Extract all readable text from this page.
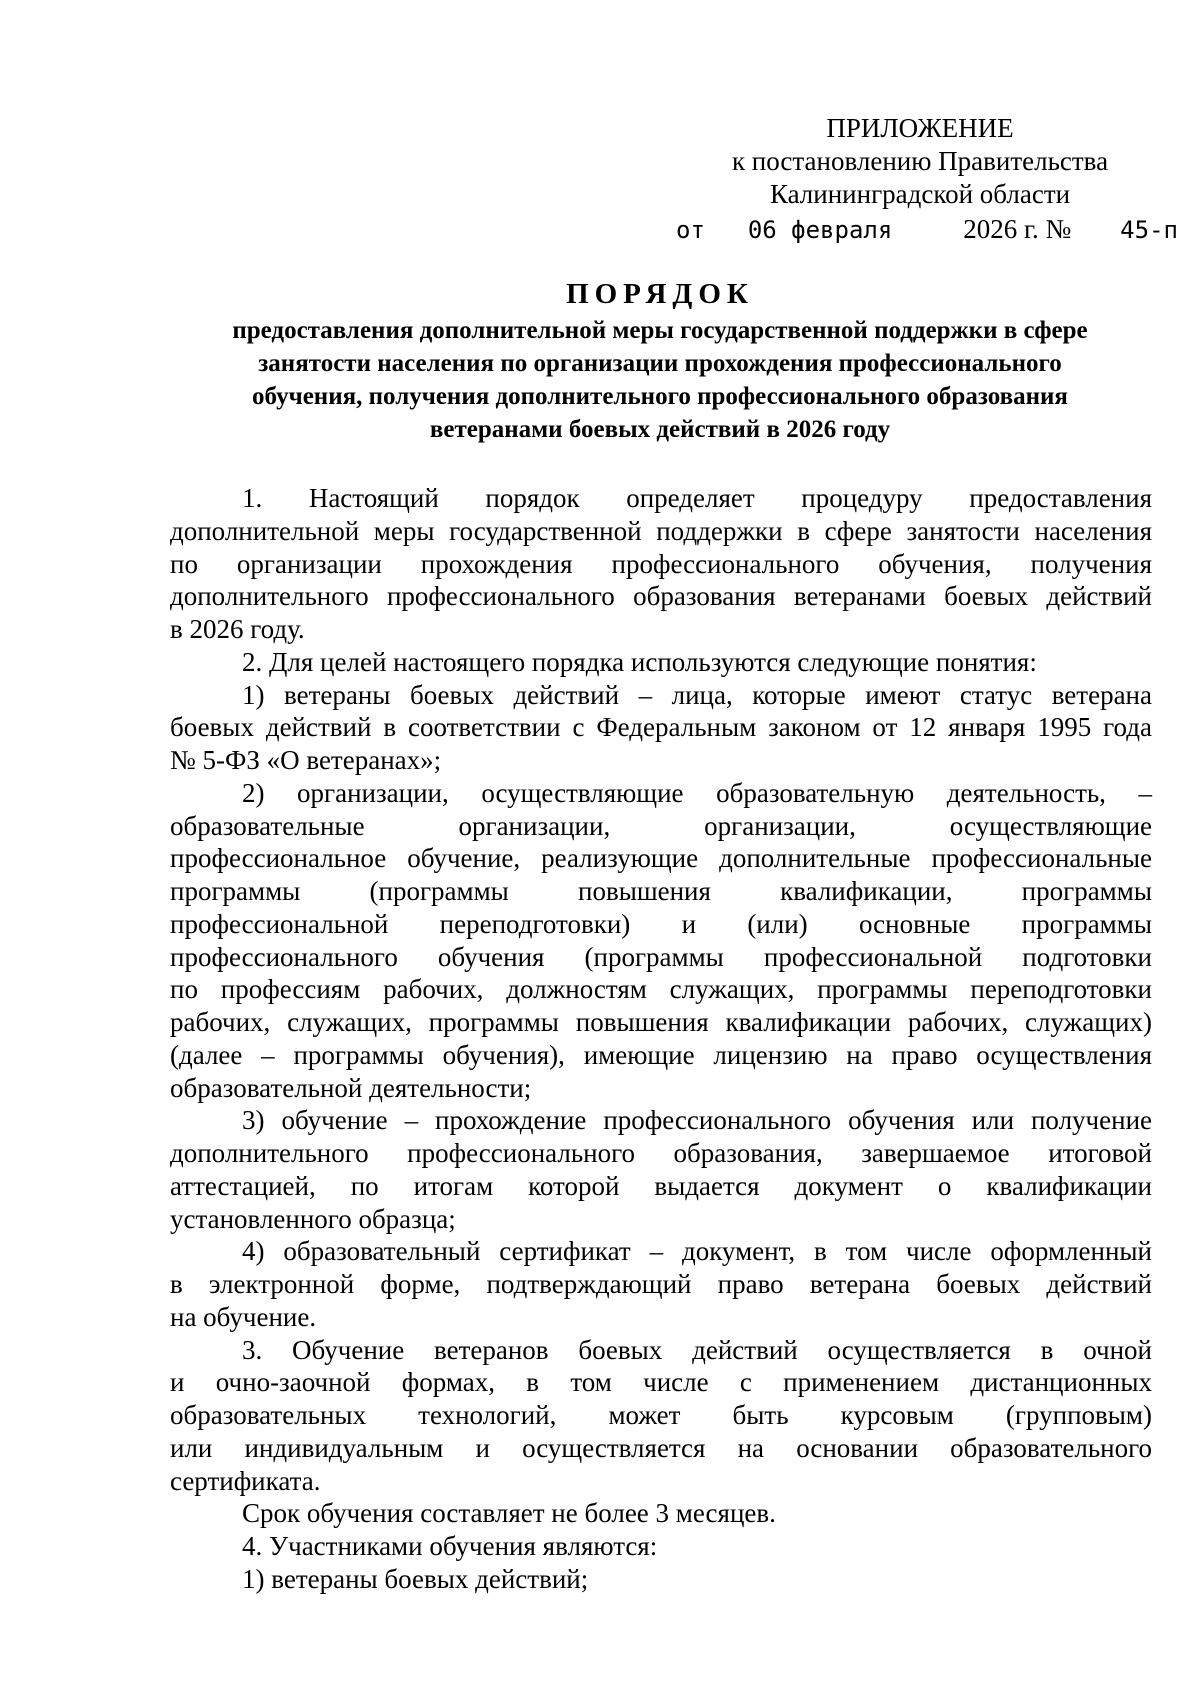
ПРИЛОЖЕНИЕ
к постановлению Правительства
Калининградской области
от 06 февраля	2026 г. № 45-п
ПОРЯДОК
предоставления дополнительной меры государственной поддержки в сфере
занятости населения по организации прохождения профессионального
обучения, получения дополнительного профессионального образования
ветеранами боевых действий в 2026 году
1. Настоящий порядок определяет процедуру предоставления
дополнительной меры государственной поддержки в сфере занятости населения
по организации прохождения профессионального обучения, получения
дополнительного профессионального образования ветеранами боевых действий
в 2026 году.
2. Для целей настоящего порядка используются следующие понятия:
1) ветераны боевых действий – лица, которые имеют статус ветерана
боевых действий в соответствии с Федеральным законом от 12 января 1995 года
№ 5-ФЗ «О ветеранах»;
2) организации, осуществляющие образовательную деятельность, –
образовательные организации, организации, осуществляющие
профессиональное обучение, реализующие дополнительные профессиональные
программы (программы повышения квалификации, программы
профессиональной переподготовки) и (или) основные программы
профессионального обучения (программы профессиональной подготовки
по профессиям рабочих, должностям служащих, программы переподготовки
рабочих, служащих, программы повышения квалификации рабочих, служащих)
(далее – программы обучения), имеющие лицензию на право осуществления
образовательной деятельности;
3) обучение – прохождение профессионального обучения или получение
дополнительного профессионального образования, завершаемое итоговой
аттестацией, по итогам которой выдается документ о квалификации
установленного образца;
4) образовательный сертификат – документ, в том числе оформленный
в электронной форме, подтверждающий право ветерана боевых действий
на обучение.
3. Обучение ветеранов боевых действий осуществляется в очной
и очно-заочной формах, в том числе с применением дистанционных
образовательных технологий, может быть курсовым (групповым)
или индивидуальным и осуществляется на основании образовательного
сертификата.
Срок обучения составляет не более 3 месяцев.
4. Участниками обучения являются:
1) ветераны боевых действий;
